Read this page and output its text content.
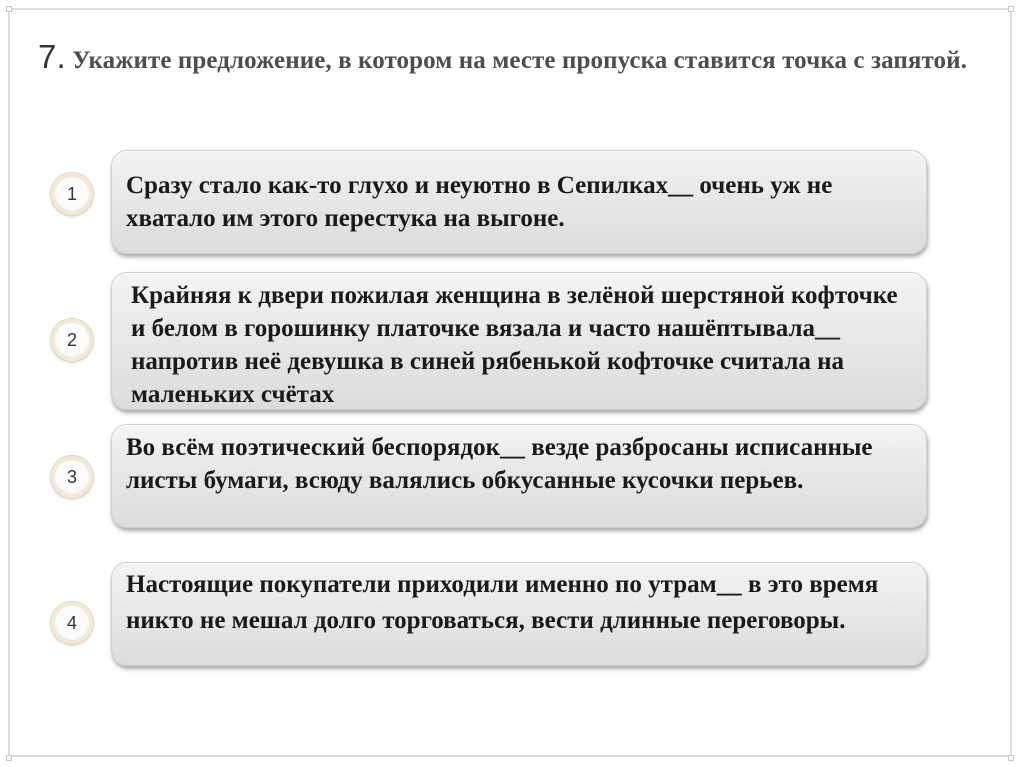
7. Укажите предложение, в котором на месте пропуска ставится точка с запятой.

1	Сразу стало как-то глухо и неуютно в Сепилках__ очень уж не хватало им этого перестука на выгоне.
2
Крайняя к двери пожилая женщина в зелёной шерстяной кофточке и белом в горошинку платочке вязала и часто нашёптывала__ напротив неё девушка в синей рябенькой кофточке считала на маленьких счётах
3
Во всём поэтический беспорядок__ везде разбросаны исписанные листы бумаги, всюду валялись обкусанные кусочки перьев.
4
Настоящие покупатели приходили именно по утрам__ в это время никто не мешал долго торговаться, вести длинные переговоры.
